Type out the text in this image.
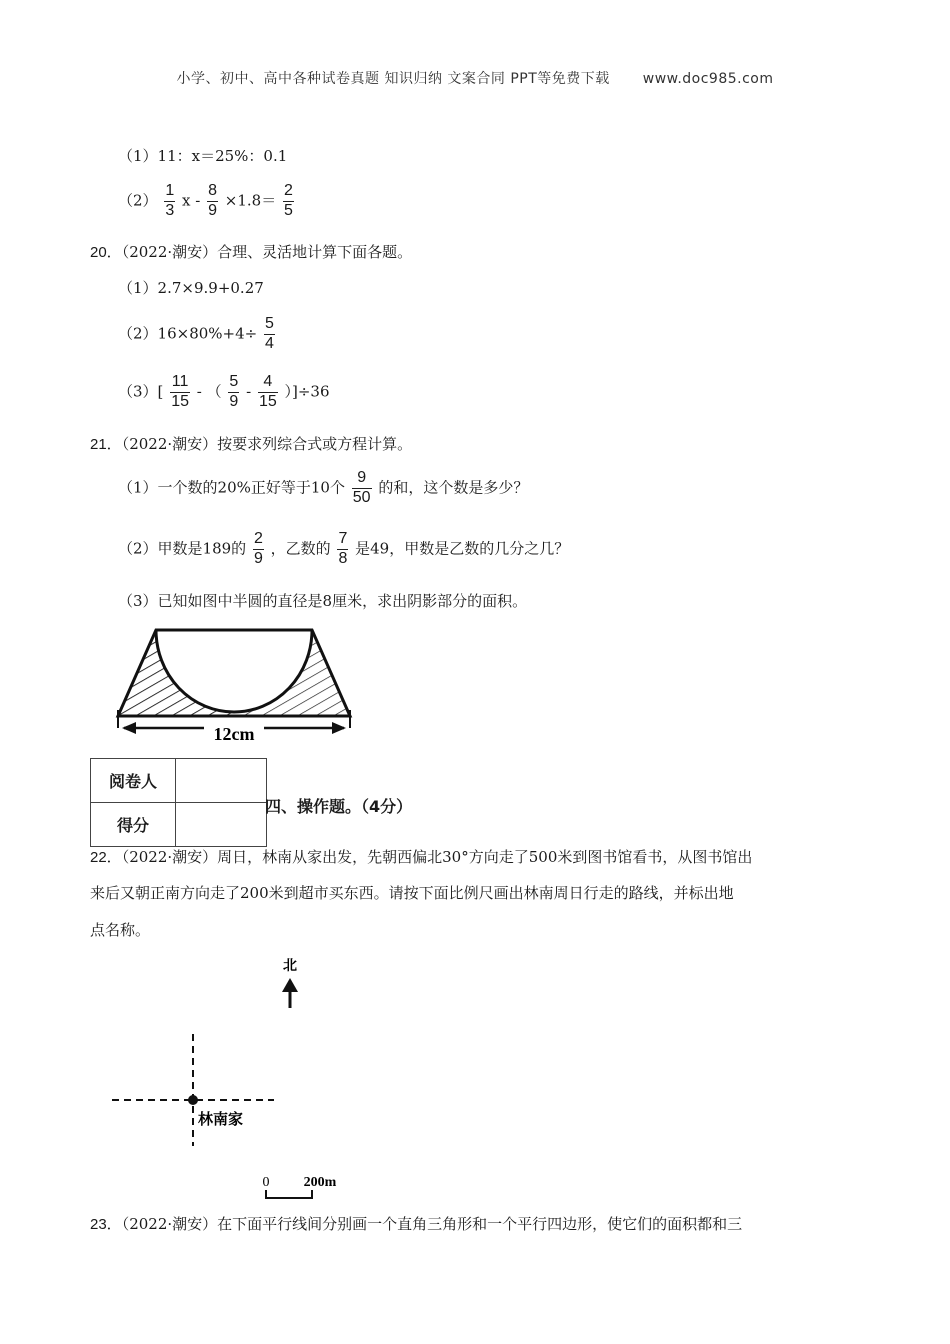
小学、初中、高中各种试卷真题 知识归纳 文案合同 PPT等免费下载 www.doc985.com
（1）11：x＝25%：0.1
$(2) \frac{1}{3}$ $x - \frac{8}{9} \times 1.8= \frac{2}{5}$
20．（2022·潮安）合理、灵活地计算下面各题。
（1）2.7×9.9+0.27
$(2)16\times 80\%+4\div \frac{5}{4}$
$(3)[ \frac{11}{15}$ - （ $\frac{5}{9} - \frac{4}{15} )]\div 36$
21．（2022·潮安）按要求列综合式或方程计算。
（1）一个数的20%正好等于10个 $\frac{9}{50}$ 的和，这个数是多少？
（2）甲数是189的 $\frac{2}{9}$ ，乙数的 $\frac{7}{8}$ 是49，甲数是乙数的几分之几？
（3）已知如图中半圆的直径是8厘米，求出阴影部分的面积。
12cm
阅卷人	
得分	
四、操作题。（4分）
22．（2022·潮安）周日，林南从家出发，先朝西偏北30°方向走了500米到图书馆看书，从图书馆出
来后又朝正南方向走了200米到超市买东西。请按下面比例尺画出林南周日行走的路线，并标出地
点名称。
北
林南家
0 200m
23．（2022·潮安）在下面平行线间分别画一个直角三角形和一个平行四边形，使它们的面积都和三
